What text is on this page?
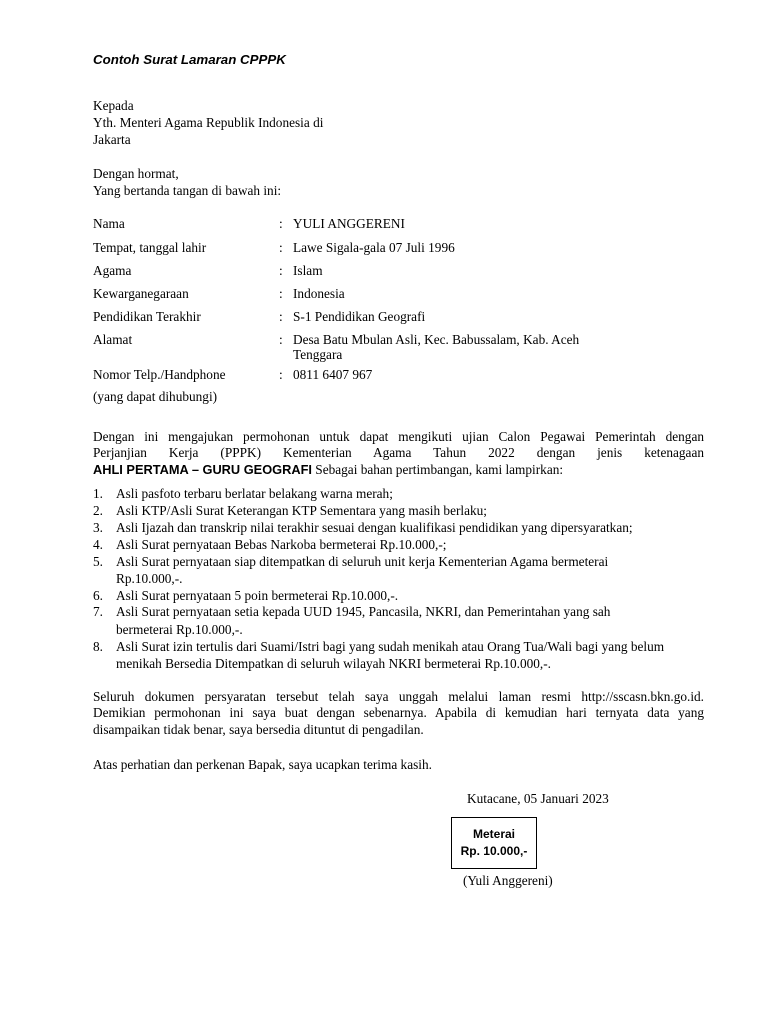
Contoh Surat Lamaran CPPPK
Kepada
Yth. Menteri Agama Republik Indonesia di
Jakarta
Dengan hormat,
Yang bertanda tangan di bawah ini:
Nama	: YULI ANGGERENI
Tempat, tanggal lahir	: Lawe Sigala-gala 07 Juli 1996
Agama	: Islam
Kewarganegaraan	: Indonesia
Pendidikan Terakhir	: S-1 Pendidikan Geografi
Alamat	: Desa Batu Mbulan Asli, Kec. Babussalam, Kab. Aceh
Tenggara
Nomor Telp./Handphone	: 0811 6407 967
(yang dapat dihubungi)
Dengan ini mengajukan permohonan untuk dapat mengikuti ujian Calon Pegawai Pemerintah dengan
Perjanjian Kerja (PPPK) Kementerian Agama Tahun 2022 dengan jenis ketenagaan
AHLI PERTAMA – GURU GEOGRAFI Sebagai bahan pertimbangan, kami lampirkan:
1. Asli pasfoto terbaru berlatar belakang warna merah;
2. Asli KTP/Asli Surat Keterangan KTP Sementara yang masih berlaku;
3. Asli Ijazah dan transkrip nilai terakhir sesuai dengan kualifikasi pendidikan yang dipersyaratkan;
4. Asli Surat pernyataan Bebas Narkoba bermeterai Rp.10.000,-;
5. Asli Surat pernyataan siap ditempatkan di seluruh unit kerja Kementerian Agama bermeterai
Rp.10.000,-.
6. Asli Surat pernyataan 5 poin bermeterai Rp.10.000,-.
7. Asli Surat pernyataan setia kepada UUD 1945, Pancasila, NKRI, dan Pemerintahan yang sah
bermeterai Rp.10.000,-.
8. Asli Surat izin tertulis dari Suami/Istri bagi yang sudah menikah atau Orang Tua/Wali bagi yang belum
menikah Bersedia Ditempatkan di seluruh wilayah NKRI bermeterai Rp.10.000,-.
Seluruh dokumen persyaratan tersebut telah saya unggah melalui laman resmi http://sscasn.bkn.go.id.
Demikian permohonan ini saya buat dengan sebenarnya. Apabila di kemudian hari ternyata data yang
disampaikan tidak benar, saya bersedia dituntut di pengadilan.
Atas perhatian dan perkenan Bapak, saya ucapkan terima kasih.
Kutacane, 05 Januari 2023
Meterai
Rp. 10.000,-
(Yuli Anggereni)
